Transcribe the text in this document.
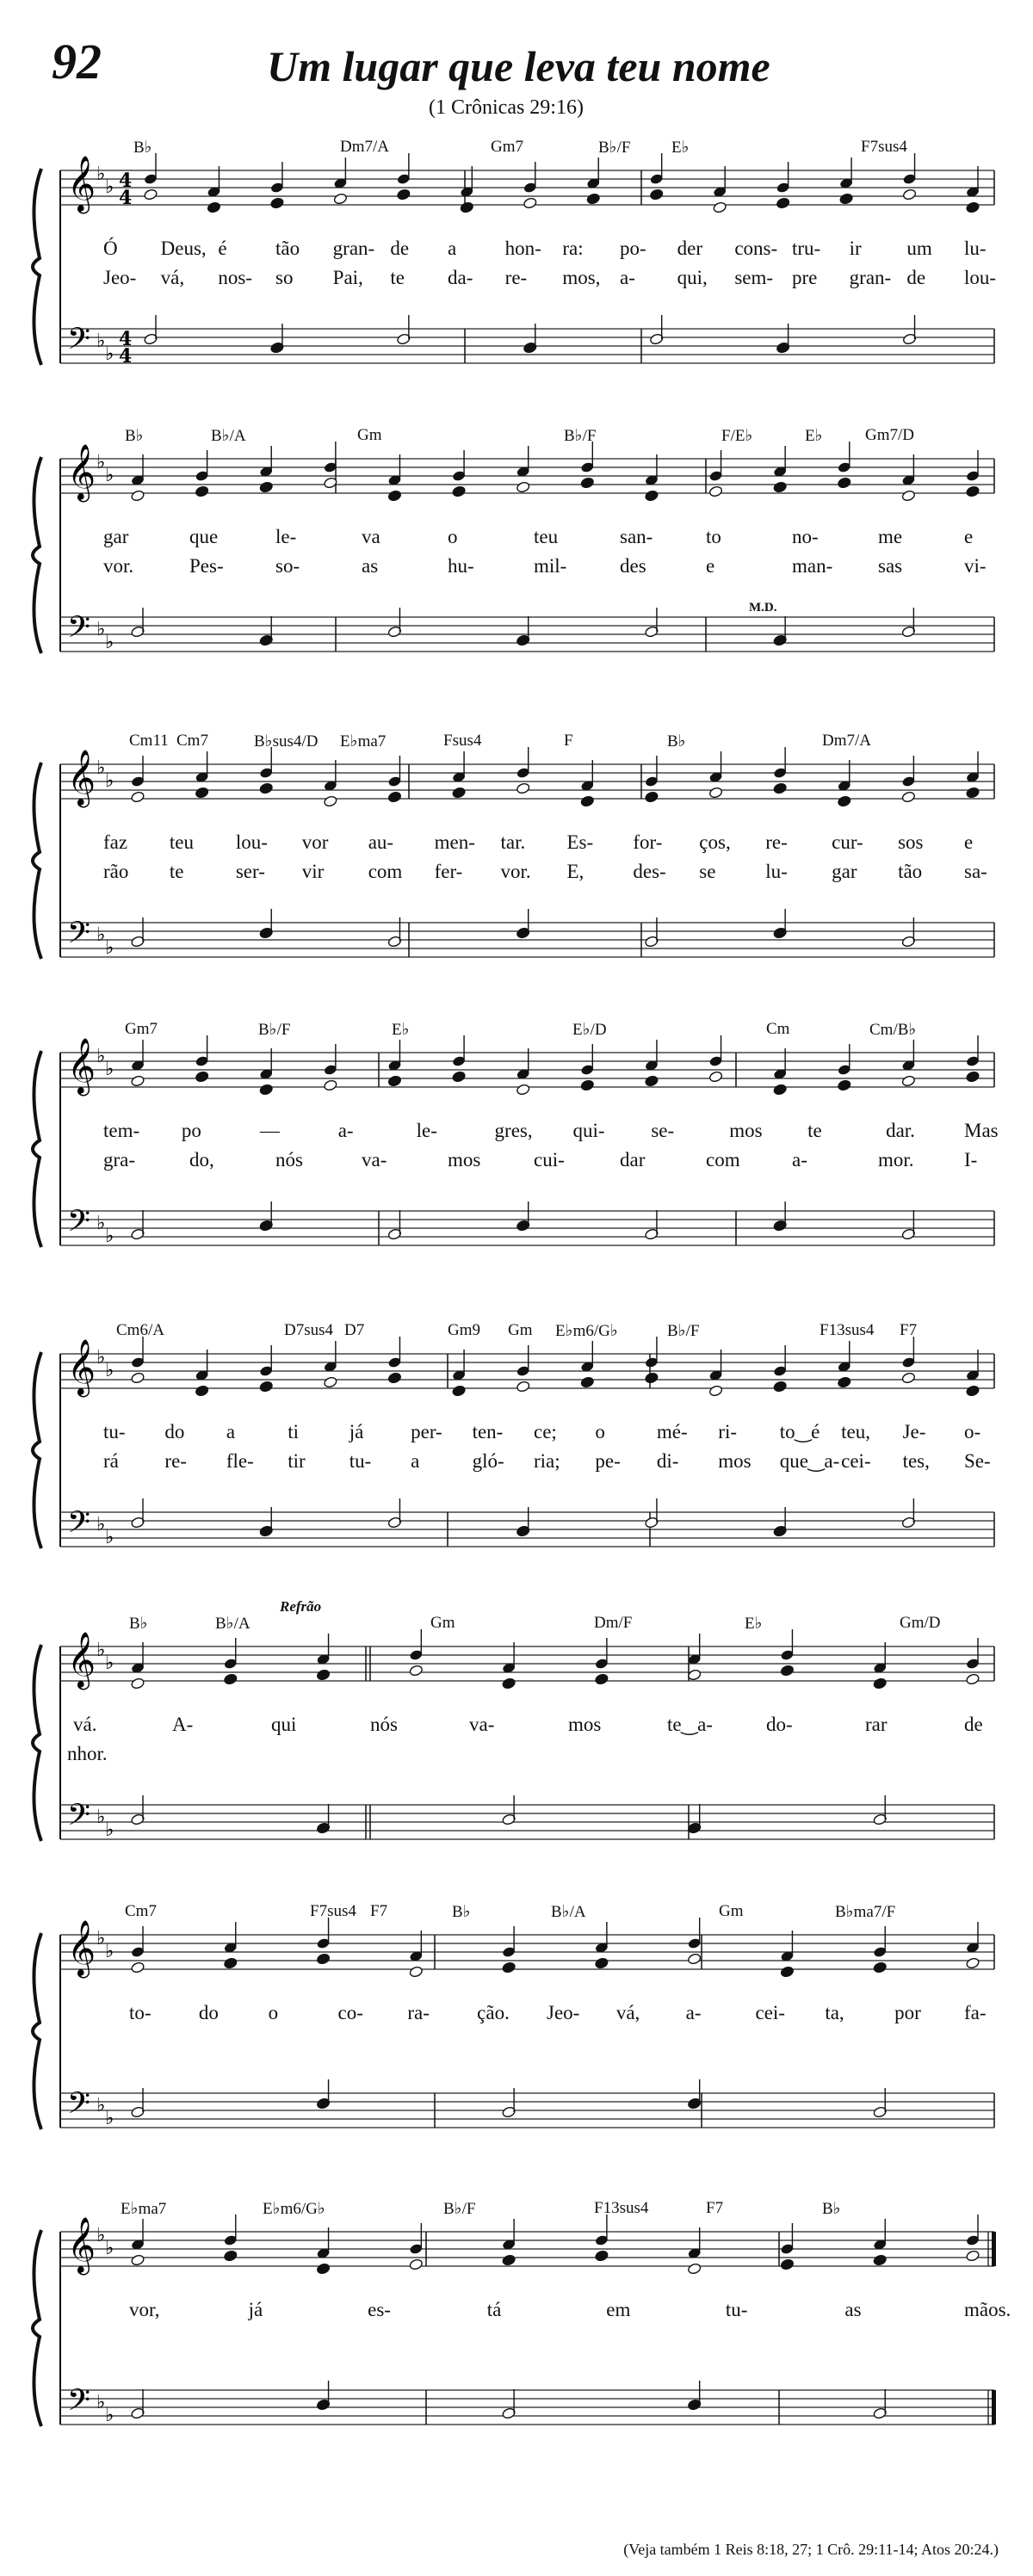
92	Um lugar que leva teu nome
(1 Crônicas 29:16)
𝄞
𝄢
♭
♭
♭
♭
4
4
4
4
B♭	Dm7/A	Gm7	B♭/F	E♭	F7sus4
Ó Deus, é tão gran- de a hon- ra: po- der cons- tru- ir um lu-
Jeo- vá, nos- so Pai, te da- re- mos, a- qui, sem- pre gran- de lou-
𝄞
𝄢
♭
♭
♭
♭
B♭	B♭/A	Gm	B♭/F	F/E♭	E♭	Gm7/D
M.D.
gar	que	le-	va	o	teu	san-	to	no-	me	e
vor.	Pes-	so-	as	hu-	mil-	des	e	man- sas	vi-
𝄞
𝄢
♭
♭
♭
♭
Cm11 Cm7	B♭sus4/D E♭ma7	Fsus4	F	B♭	Dm7/A
faz teu lou- vor au- men- tar. Es- for- ços, re- cur- sos e
rão te	ser- vir com fer- vor. E, des- se	lu- gar tão sa-
𝄞
𝄢
♭
♭
♭
♭
Gm7	B♭/F	E♭	E♭/D	Cm	Cm/B♭
tem- po	—	a-	le-	gres, qui- se-	mos te	dar. Mas
gra-	do,	nós	va-	mos	cui-	dar	com	a-	mor.	I-
𝄞
𝄢
♭
♭
♭
♭
Cm6/A	D7sus4 D7	Gm9 Gm E♭m6/G♭	B♭/F	F13sus4 F7
tu- do a	ti	já per- ten- ce; o	mé- ri- to‿é teu, Je- o-
rá re- fle- tir tu- a	gló- ria; pe- di- mos que‿a- cei- tes, Se-
𝄞
𝄢
♭
♭
♭
♭
B♭	B♭/A	Gm	Dm/F	E♭	Gm/D
Refrão
vá.	A-	qui	nós	va-	mos	te‿a-	do-	rar	de
nhor.
𝄞
𝄢
♭
♭
♭
♭
Cm7	F7sus4 F7	B♭	B♭/A	Gm	B♭ma7/F
to- do	o	co- ra- ção. Jeo- vá, a-	cei- ta,	por fa-
𝄞
𝄢
♭
♭
♭
♭
E♭ma7	E♭m6/G♭	B♭/F	F13sus4	F7	B♭
vor,	já	es-	tá	em	tu-	as	mãos.
(Veja também 1 Reis 8:18, 27; 1 Crô. 29:11-14; Atos 20:24.)
